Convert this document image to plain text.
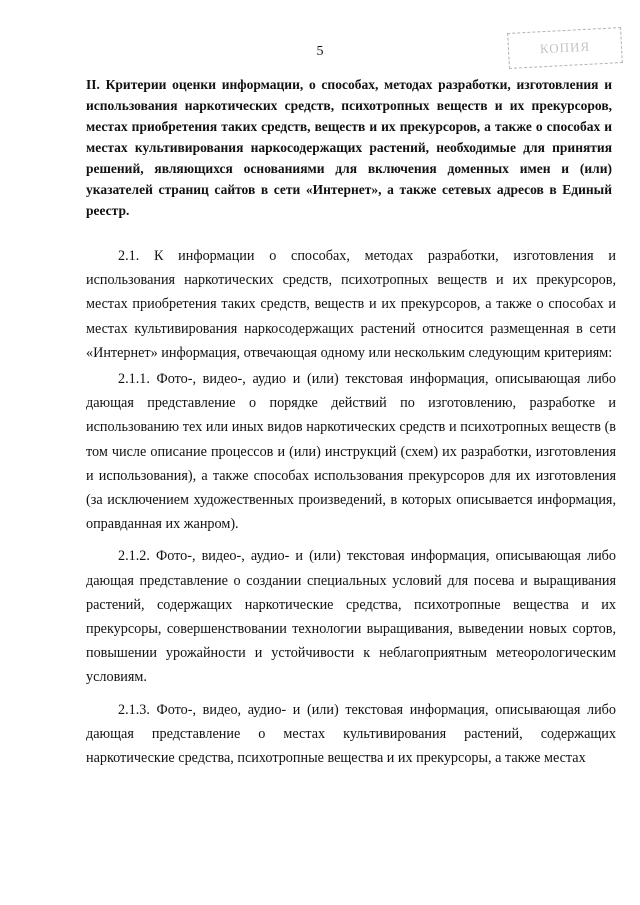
5	КОПИЯ
II. Критерии оценки информации, о способах, методах разработки, изготовления и использования наркотических средств, психотропных веществ и их прекурсоров, местах приобретения таких средств, веществ и их прекурсоров, а также о способах и местах культивирования наркосодержащих растений, необходимые для принятия решений, являющихся основаниями для включения доменных имен и (или) указателей страниц сайтов в сети «Интернет», а также сетевых адресов в Единый реестр.

2.1. К информации о способах, методах разработки, изготовления и использования наркотических средств, психотропных веществ и их прекурсоров, местах приобретения таких средств, веществ и их прекурсоров, а также о способах и местах культивирования наркосодержащих растений относится размещенная в сети «Интернет» информация, отвечающая одному или нескольким следующим критериям:

2.1.1. Фото-, видео-, аудио и (или) текстовая информация, описывающая либо дающая представление о порядке действий по изготовлению, разработке и использованию тех или иных видов наркотических средств и психотропных веществ (в том числе описание процессов и (или) инструкций (схем) их разработки, изготовления и использования), а также способах использования прекурсоров для их изготовления (за исключением художественных произведений, в которых описывается информация, оправданная их жанром).

2.1.2. Фото-, видео-, аудио- и (или) текстовая информация, описывающая либо дающая представление о создании специальных условий для посева и выращивания растений, содержащих наркотические средства, психотропные вещества и их прекурсоры, совершенствовании технологии выращивания, выведении новых сортов, повышении урожайности и устойчивости к неблагоприятным метеорологическим условиям.

2.1.3. Фото-, видео, аудио- и (или) текстовая информация, описывающая либо дающая представление о местах культивирования растений, содержащих наркотические средства, психотропные вещества и их прекурсоры, а также местах
